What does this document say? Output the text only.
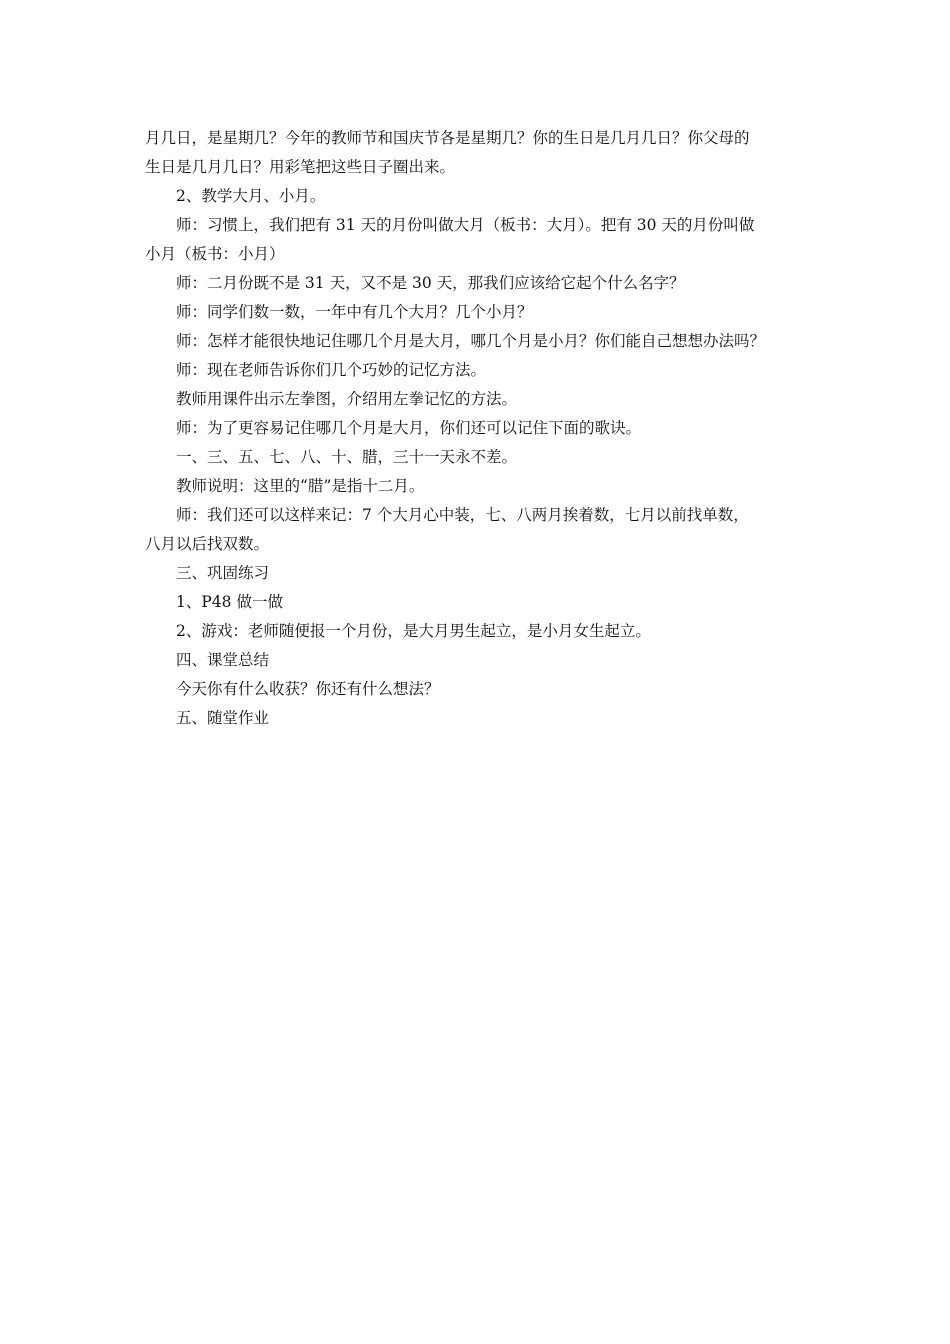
月几日，是星期几？今年的教师节和国庆节各是星期几？你的生日是几月几日？你父母的
生日是几月几日？用彩笔把这些日子圈出来。
2、教学大月、小月。
师：习惯上，我们把有 31 天的月份叫做大月（板书：大月）。把有 30 天的月份叫做
小月（板书：小月）
师：二月份既不是 31 天，又不是 30 天，那我们应该给它起个什么名字？
师：同学们数一数，一年中有几个大月？几个小月？
师：怎样才能很快地记住哪几个月是大月，哪几个月是小月？你们能自己想想办法吗？
师：现在老师告诉你们几个巧妙的记忆方法。
教师用课件出示左拳图，介绍用左拳记忆的方法。
师：为了更容易记住哪几个月是大月，你们还可以记住下面的歌诀。
一、三、五、七、八、十、腊，三十一天永不差。
教师说明：这里的“腊”是指十二月。
师：我们还可以这样来记：7 个大月心中装，七、八两月挨着数，七月以前找单数，
八月以后找双数。
三、巩固练习
1、P48 做一做
2、游戏：老师随便报一个月份，是大月男生起立，是小月女生起立。
四、课堂总结
今天你有什么收获？你还有什么想法？
五、随堂作业
